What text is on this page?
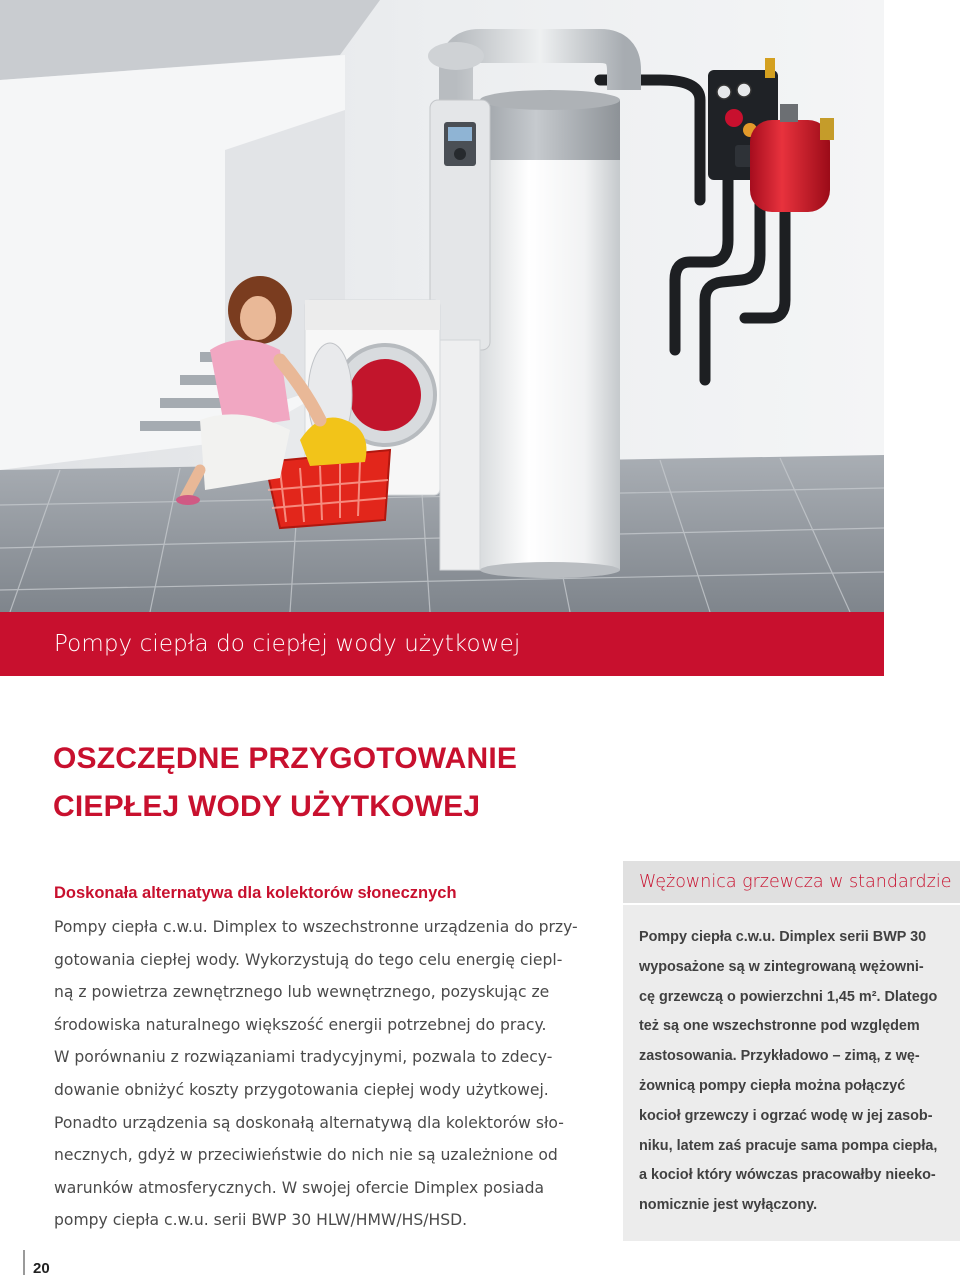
Pompy ciepła do ciepłej wody użytkowej
OSZCZĘDNE PRZYGOTOWANIE
CIEPŁEJ WODY UŻYTKOWEJ
Doskonała alternatywa dla kolektorów słonecznych

Pompy ciepła c.w.u. Dimplex to wszechstronne urządzenia do przy-
gotowania ciepłej wody. Wykorzystują do tego celu energię ciepl-
ną z powietrza zewnętrznego lub wewnętrznego, pozyskując ze
środowiska naturalnego większość energii potrzebnej do pracy.
W porównaniu z rozwiązaniami tradycyjnymi, pozwala to zdecy-
dowanie obniżyć koszty przygotowania ciepłej wody użytkowej.
Ponadto urządzenia są doskonałą alternatywą dla kolektorów sło-
necznych, gdyż w przeciwieństwie do nich nie są uzależnione od
warunków atmosferycznych. W swojej ofercie Dimplex posiada
pompy ciepła c.w.u. serii BWP 30 HLW/HMW/HS/HSD.

Wężownica grzewcza w standardzie

Pompy ciepła c.w.u. Dimplex serii BWP 30
wyposażone są w zintegrowaną wężowni-
cę grzewczą o powierzchni 1,45 m². Dlatego
też są one wszechstronne pod względem
zastosowania. Przykładowo – zimą, z wę-
żownicą pompy ciepła można połączyć
kocioł grzewczy i ogrzać wodę w jej zasob-
niku, latem zaś pracuje sama pompa ciepła,
a kocioł który wówczas pracowałby nieeko-
nomicznie jest wyłączony.

20
